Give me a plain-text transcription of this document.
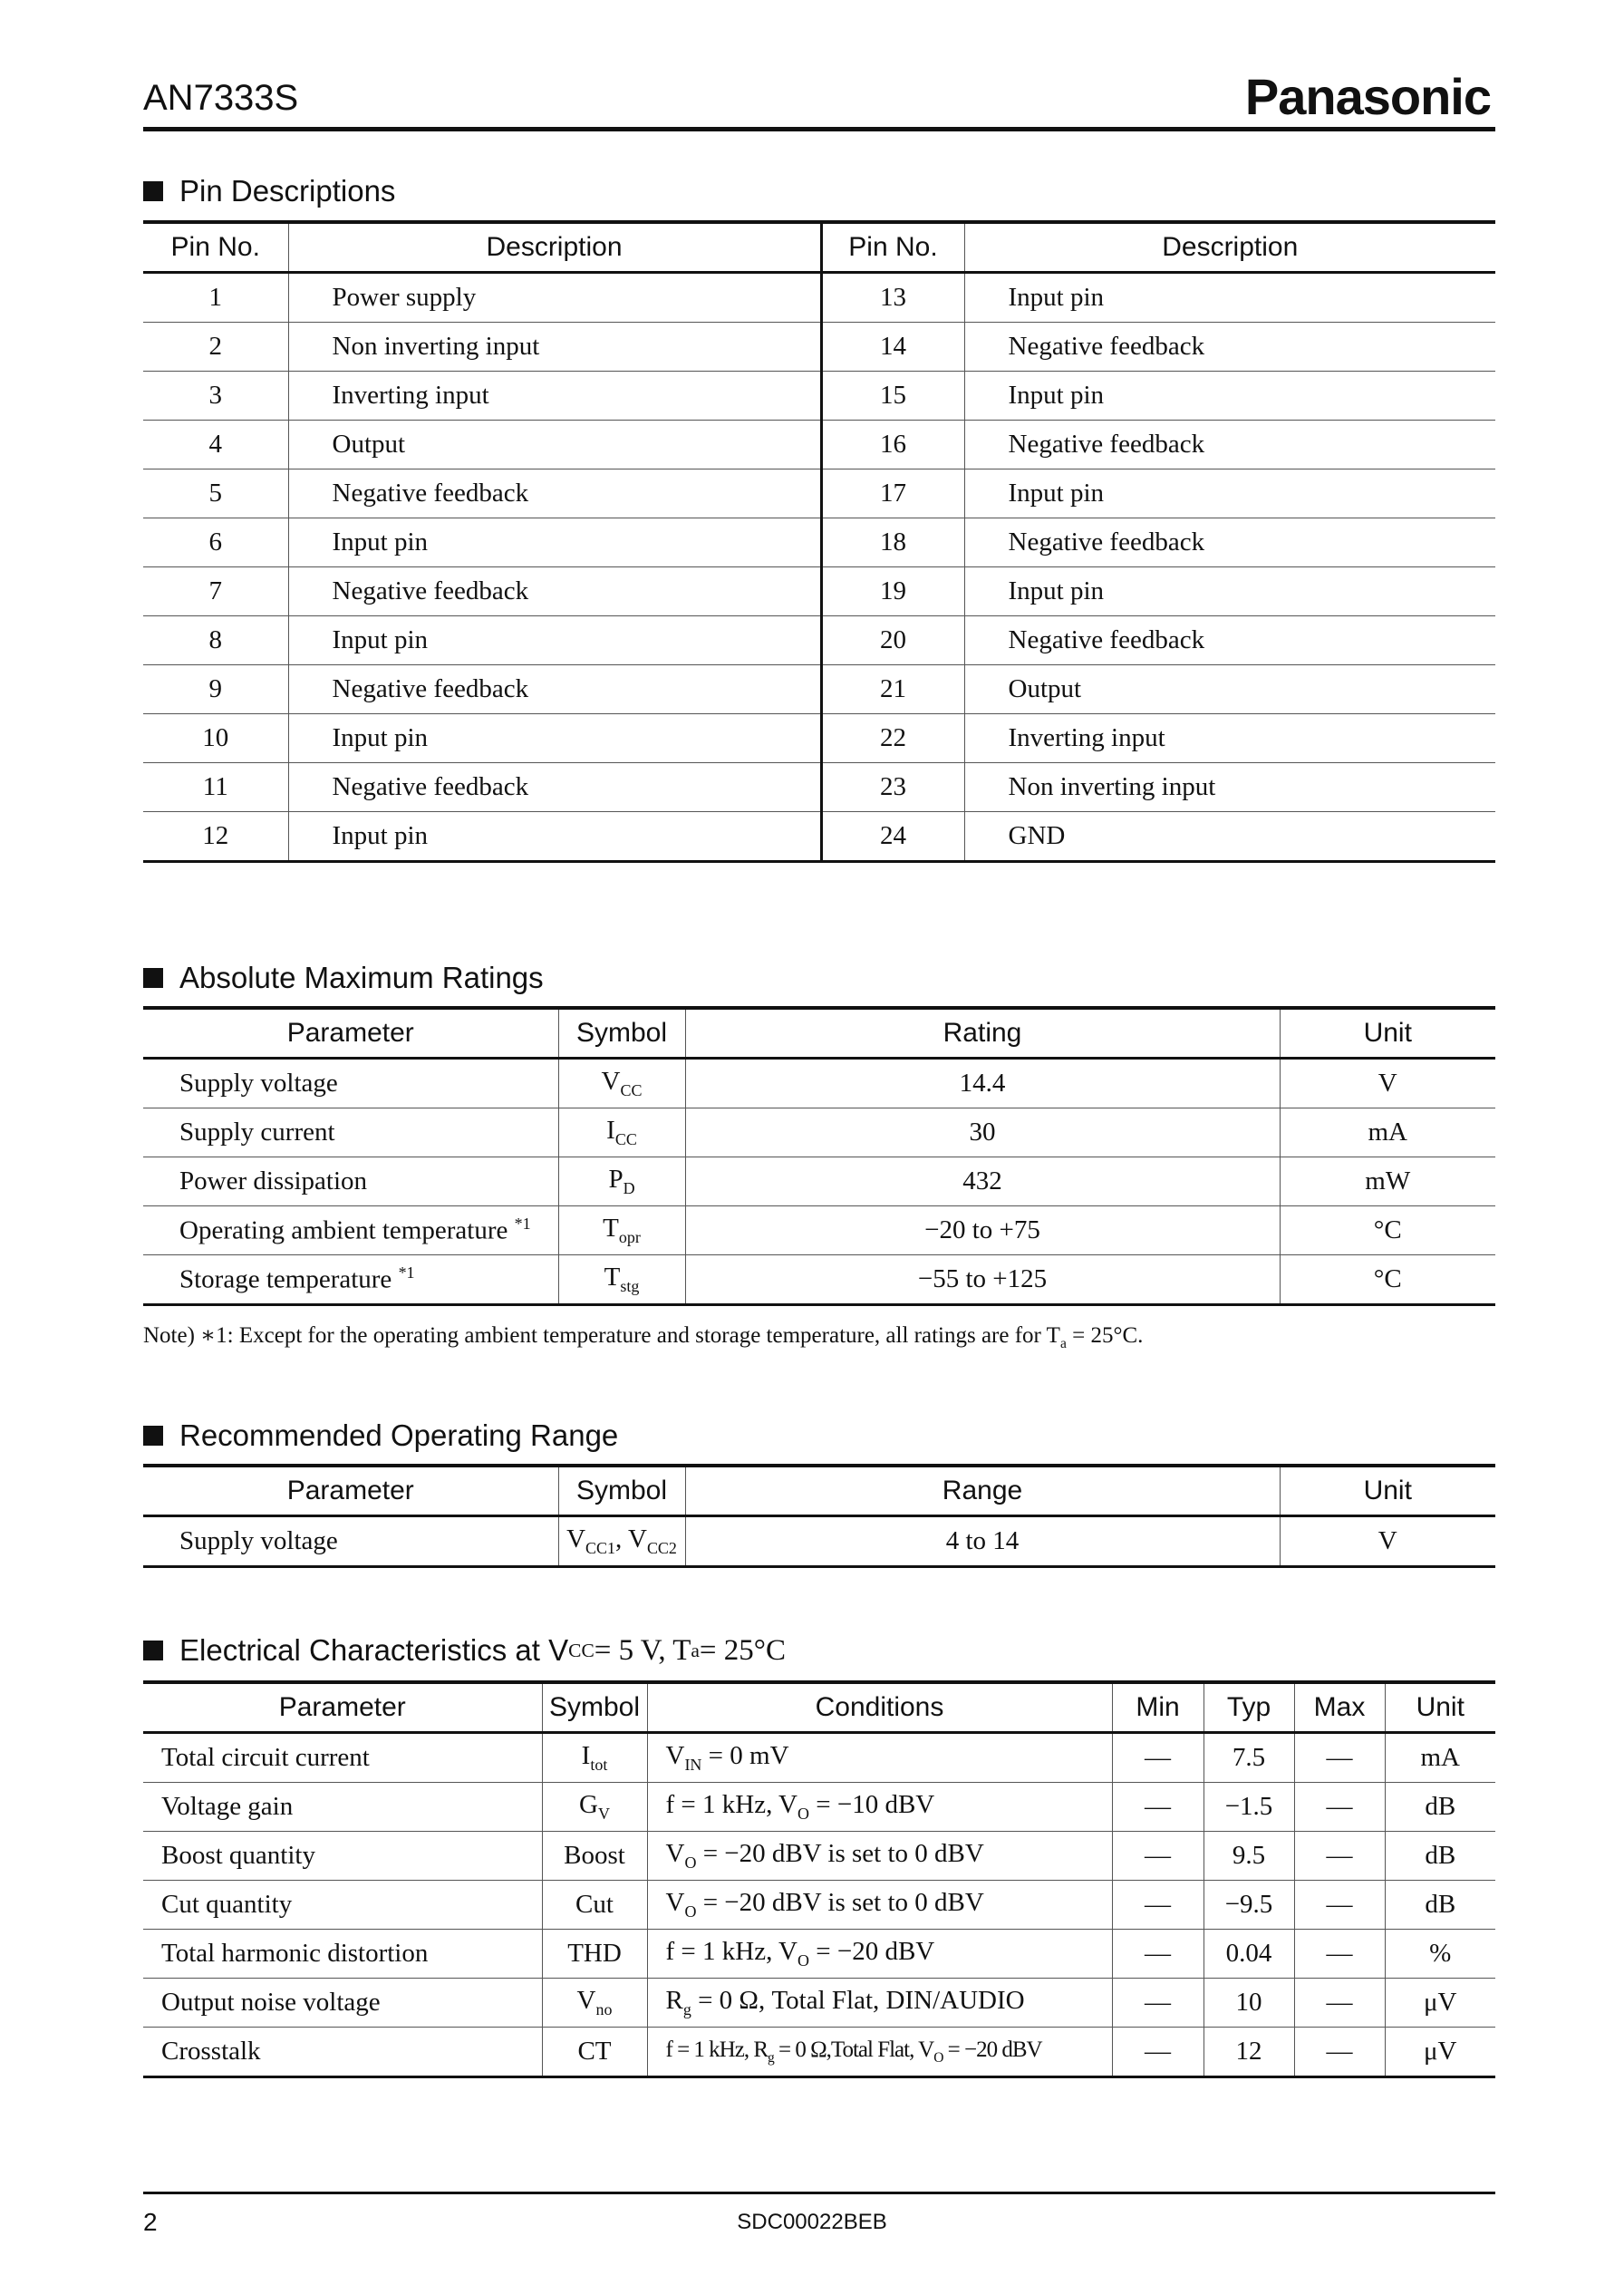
AN7333S	Panasonic
Pin Descriptions
Pin No.	Description	Pin No.	Description
1	Power supply	13	Input pin
2	Non inverting input	14	Negative feedback
3	Inverting input	15	Input pin
4	Output	16	Negative feedback
5	Negative feedback	17	Input pin
6	Input pin	18	Negative feedback
7	Negative feedback	19	Input pin
8	Input pin	20	Negative feedback
9	Negative feedback	21	Output
10	Input pin	22	Inverting input
11	Negative feedback	23	Non inverting input
12	Input pin	24	GND
Absolute Maximum Ratings
Parameter	Symbol	Rating	Unit
Supply voltage	$V_{CC}$	14.4	V
Supply current	$I_{CC}$	30	mA
Power dissipation	$P_D$	432	mW
Operating ambient temperature $^{*1}$	$T_{opr}$	−20 to +75	°C
Storage temperature $^{*1}$	$T_{stg}$	−55 to +125	°C
Note) ∗1: Except for the operating ambient temperature and storage temperature, all ratings are for $T_a = 25^\circ C$.
Recommended Operating Range
Parameter	Symbol	Range	Unit
Supply voltage	$V_{CC1}$, $V_{CC2}$	4 to 14	V
Electrical Characteristics at V CC = 5 V, T a = 25°C
Parameter	Symbol	Conditions	Min	Typ	Max	Unit
Total circuit current	$I_{tot}$	$V_{IN} = 0$ mV	—	7.5	—	mA
Voltage gain	$G_V$	f = 1 kHz, $V_O = -10$ dBV	—	−1.5	—	dB
Boost quantity	Boost	$V_O = -20$ dBV is set to 0 dBV	—	9.5	—	dB
Cut quantity	Cut	$V_O = -20$ dBV is set to 0 dBV	—	−9.5	—	dB
Total harmonic distortion	THD	f = 1 kHz, $V_O = -20$ dBV	—	0.04	—	%
Output noise voltage	$V_{no}$	$R_g = 0$ Ω, Total Flat, DIN/AUDIO	—	10	—	μV
Crosstalk	CT	f = 1 kHz, $R_g = 0$ Ω,Total Flat, $V_O = -20$ dBV	—	12	—	μV
2	SDC00022BEB
